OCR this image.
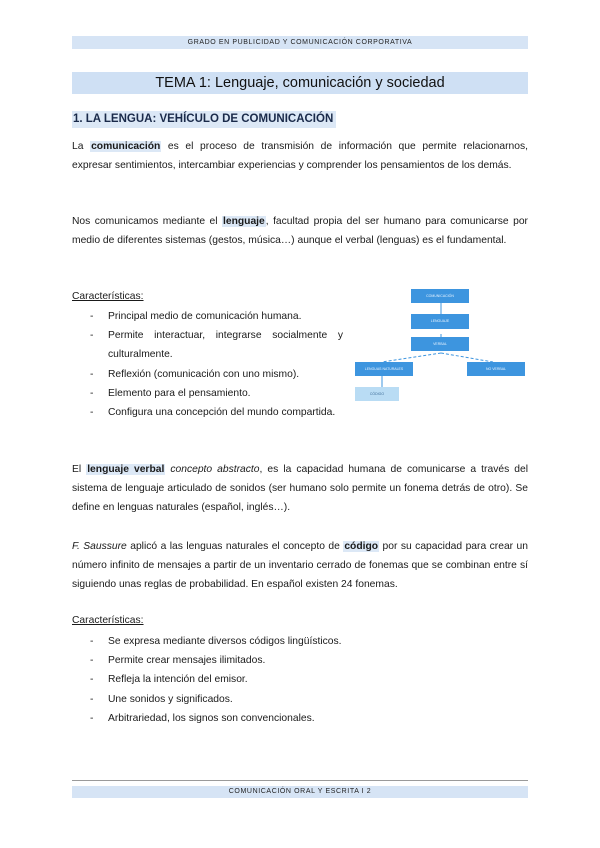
GRADO EN PUBLICIDAD Y COMUNICACIÓN CORPORATIVA
TEMA 1: Lenguaje, comunicación y sociedad
1. LA LENGUA: VEHÍCULO DE COMUNICACIÓN

La comunicación es el proceso de transmisión de información que permite relacionarnos, expresar sentimientos, intercambiar experiencias y comprender los pensamientos de los demás.

Nos comunicamos mediante el lenguaje, facultad propia del ser humano para comunicarse por medio de diferentes sistemas (gestos, música…) aunque el verbal (lenguas) es el fundamental.

Características:
- Principal medio de comunicación humana.
- Permite interactuar, integrarse socialmente y culturalmente.
- Reflexión (comunicación con uno mismo).
- Elemento para el pensamiento.
- Configura una concepción del mundo compartida.
COMUNICACIÓN
LENGUAJE
VERBAL
LENGUAS NATURALES	NO VERBAL
CÓDIGO

El lenguaje verbal concepto abstracto, es la capacidad humana de comunicarse a través del sistema de lenguaje articulado de sonidos (ser humano solo permite un fonema detrás de otro). Se define en lenguas naturales (español, inglés…).

F. Saussure aplicó a las lenguas naturales el concepto de código por su capacidad para crear un número infinito de mensajes a partir de un inventario cerrado de fonemas que se combinan entre sí siguiendo unas reglas de probabilidad. En español existen 24 fonemas.

Características:
- Se expresa mediante diversos códigos lingüísticos.
- Permite crear mensajes ilimitados.
- Refleja la intención del emisor.
- Une sonidos y significados.
- Arbitrariedad, los signos son convencionales.
COMUNICACIÓN ORAL Y ESCRITA I 2
